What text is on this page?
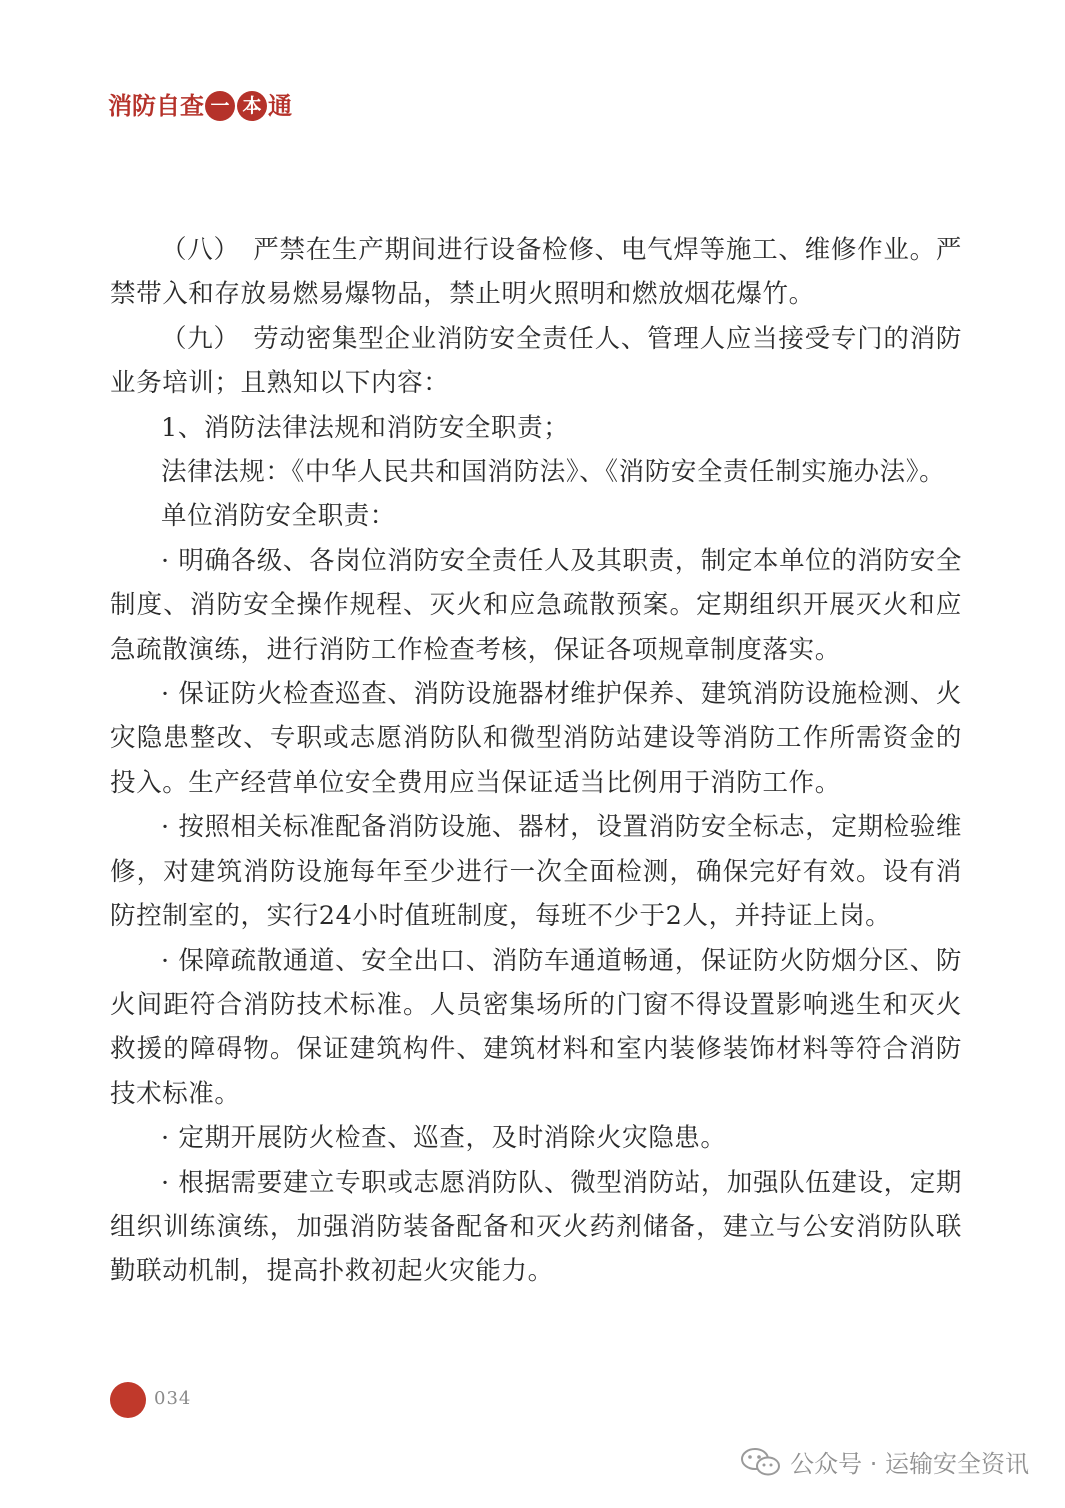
消 防 自 查 一 本 通

（八）　严禁在生产期间进行设备检修、电气焊等施工、维修作业。严禁带入和存放易燃易爆物品，禁止明火照明和燃放烟花爆竹。

（九）　劳动密集型企业消防安全责任人、管理人应当接受专门的消防业务培训；且熟知以下内容：

1、消防法律法规和消防安全职责；

法律法规：《中华人民共和国消防法》、《消防安全责任制实施办法》。

单位消防安全职责：

· 明确各级、各岗位消防安全责任人及其职责，制定本单位的消防安全制度、消防安全操作规程、灭火和应急疏散预案。定期组织开展灭火和应急疏散演练，进行消防工作检查考核，保证各项规章制度落实。

· 保证防火检查巡查、消防设施器材维护保养、建筑消防设施检测、火灾隐患整改、专职或志愿消防队和微型消防站建设等消防工作所需资金的投入。生产经营单位安全费用应当保证适当比例用于消防工作。

· 按照相关标准配备消防设施、器材，设置消防安全标志，定期检验维修，对建筑消防设施每年至少进行一次全面检测，确保完好有效。设有消防控制室的，实行24小时值班制度，每班不少于2人，并持证上岗。

· 保障疏散通道、安全出口、消防车通道畅通，保证防火防烟分区、防火间距符合消防技术标准。人员密集场所的门窗不得设置影响逃生和灭火救援的障碍物。保证建筑构件、建筑材料和室内装修装饰材料等符合消防技术标准。

· 定期开展防火检查、巡查，及时消除火灾隐患。

· 根据需要建立专职或志愿消防队、微型消防站，加强队伍建设，定期组织训练演练，加强消防装备配备和灭火药剂储备，建立与公安消防队联勤联动机制，提高扑救初起火灾能力。

034
公众号 · 运输安全资讯
